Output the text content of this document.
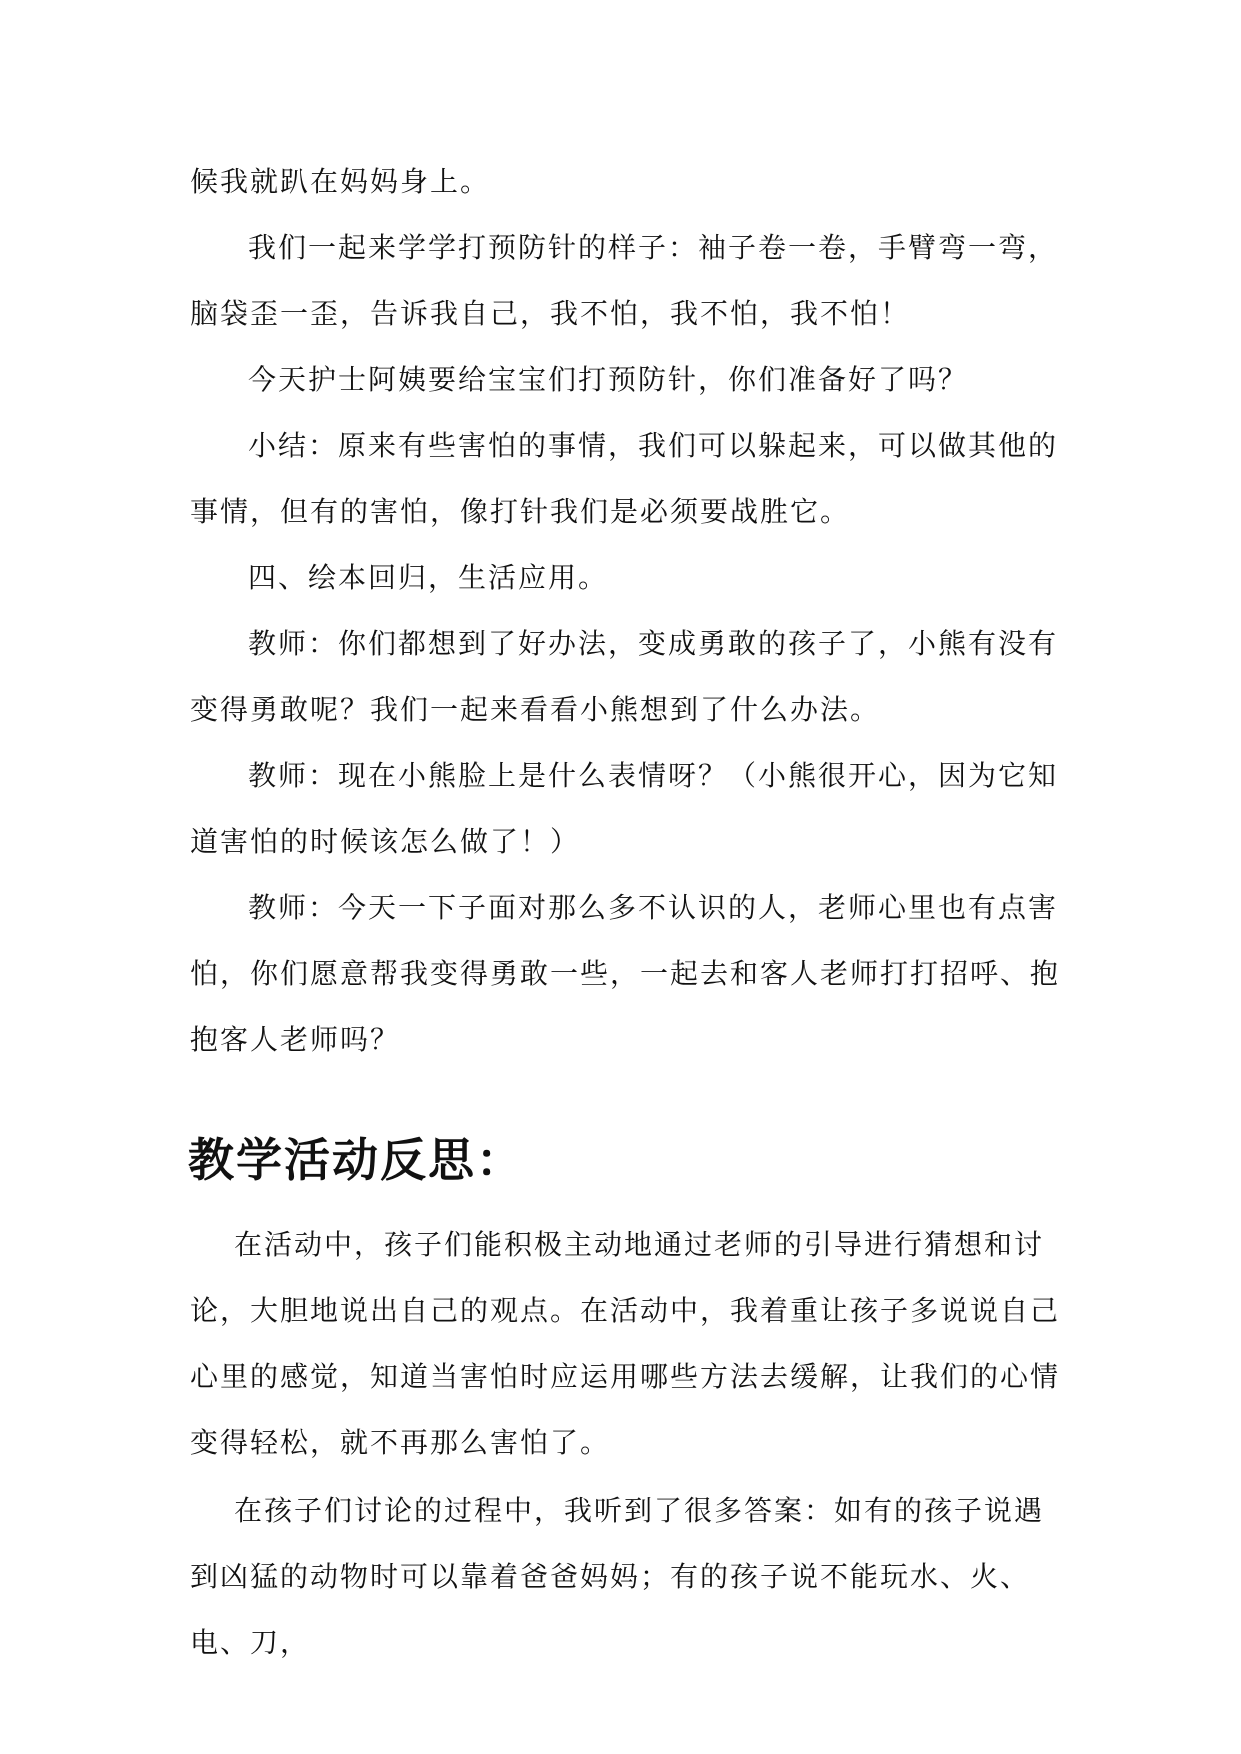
候我就趴在妈妈身上。

我们一起来学学打预防针的样子：袖子卷一卷，手臂弯一弯，脑袋歪一歪，告诉我自己，我不怕，我不怕，我不怕！

今天护士阿姨要给宝宝们打预防针，你们准备好了吗？

小结：原来有些害怕的事情，我们可以躲起来，可以做其他的事情，但有的害怕，像打针我们是必须要战胜它。

四、绘本回归，生活应用。

教师：你们都想到了好办法，变成勇敢的孩子了，小熊有没有变得勇敢呢？我们一起来看看小熊想到了什么办法。

教师：现在小熊脸上是什么表情呀？（小熊很开心，因为它知道害怕的时候该怎么做了！）

教师：今天一下子面对那么多不认识的人，老师心里也有点害怕，你们愿意帮我变得勇敢一些，一起去和客人老师打打招呼、抱抱客人老师吗？

教学活动反思：

在活动中，孩子们能积极主动地通过老师的引导进行猜想和讨论，大胆地说出自己的观点。在活动中，我着重让孩子多说说自己心里的感觉，知道当害怕时应运用哪些方法去缓解，让我们的心情变得轻松，就不再那么害怕了。

在孩子们讨论的过程中，我听到了很多答案：如有的孩子说遇到凶猛的动物时可以靠着爸爸妈妈；有的孩子说不能玩水、火、电、刀，
